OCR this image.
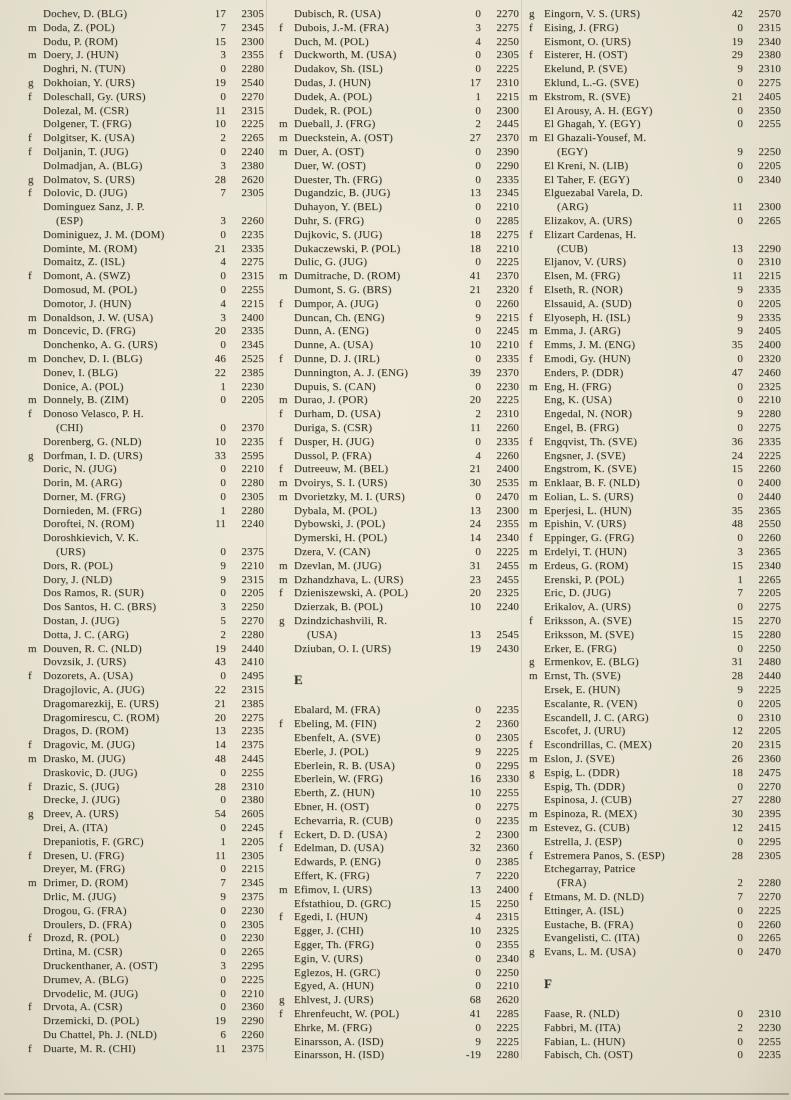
Dochev, D. (BLG)	17	2305
m Doda, Z. (POL)	7	2345
Dodu, P. (ROM)	15	2300
m Doery, J. (HUN)	3	2355
Doghri, N. (TUN)	0	2280
g Dokhoian, Y. (URS)	19	2540
f	Doleschall, Gy. (URS)	0	2270
Dolezal, M. (CSR)	11	2315
Dolgener, T. (FRG)	10	2225
f	Dolgitser, K. (USA)	2	2265
f	Doljanin, T. (JUG)	0	2240
Dolmadjan, A. (BLG)	3	2380
g Dolmatov, S. (URS)	28	2620
f	Dolovic, D. (JUG)	7	2305
Dominguez Sanz, J. P.
(ESP)	3	2260
Dominiguez, J. M. (DOM)	0	2235
Dominte, M. (ROM)	21	2335
Domaitz, Z. (ISL)	4	2275
f	Domont, A. (SWZ)	0	2315
Domosud, M. (POL)	0	2255
Domotor, J. (HUN)	4	2215
m Donaldson, J. W. (USA)	3	2400
m Doncevic, D. (FRG)	20	2335
Donchenko, A. G. (URS)	0	2345
m Donchev, D. I. (BLG)	46	2525
Donev, I. (BLG)	22	2385
Donice, A. (POL)	1	2230
m Donnely, B. (ZIM)	0	2205
f	Donoso Velasco, P. H.
(CHI)	0	2370
Dorenberg, G. (NLD)	10	2235
g Dorfman, I. D. (URS)	33	2595
Doric, N. (JUG)	0	2210
Dorin, M. (ARG)	0	2280
Dorner, M. (FRG)	0	2305
Dornieden, M. (FRG)	1	2280
Doroftei, N. (ROM)	11	2240
Doroshkievich, V. K.
(URS)	0	2375
Dors, R. (POL)	9	2210
Dory, J. (NLD)	9	2315
Dos Ramos, R. (SUR)	0	2205
Dos Santos, H. C. (BRS)	3	2250
Dostan, J. (JUG)	5	2270
Dotta, J. C. (ARG)	2	2280
m Douven, R. C. (NLD)	19	2440
Dovzsik, J. (URS)	43	2410
f	Dozorets, A. (USA)	0	2495
Dragojlovic, A. (JUG)	22	2315
Dragomarezkij, E. (URS)	21	2385
Dragomirescu, C. (ROM)	20	2275
Dragos, D. (ROM)	13	2235
f	Dragovic, M. (JUG)	14	2375
m Drasko, M. (JUG)	48	2445
Draskovic, D. (JUG)	0	2255
f	Drazic, S. (JUG)	28	2310
Drecke, J. (JUG)	0	2380
g Dreev, A. (URS)	54	2605
Drei, A. (ITA)	0	2245
Drepaniotis, F. (GRC)	1	2205
f	Dresen, U. (FRG)	11	2305
Dreyer, M. (FRG)	0	2215
m Drimer, D. (ROM)	7	2345
Drlic, M. (JUG)	9	2375
Drogou, G. (FRA)	0	2230
Droulers, D. (FRA)	0	2305
f	Drozd, R. (POL)	0	2230
Drtina, M. (CSR)	0	2265
Druckenthaner, A. (OST)	3	2295
Drumev, A. (BLG)	0	2225
Drvodelic, M. (JUG)	0	2210
f	Drvota, A. (CSR)	0	2360
Drzemicki, D. (POL)	19	2290
Du Chattel, Ph. J. (NLD)	6	2260
f	Duarte, M. R. (CHI)	11	2375
Dubisch, R. (USA)	0	2270
f	Dubois, J.-M. (FRA)	3	2275
Duch, M. (POL)	4	2250
f	Duckworth, M. (USA)	0	2305
Dudakov, Sh. (ISL)	0	2225
Dudas, J. (HUN)	17	2310
Dudek, A. (POL)	1	2215
Dudek, R. (POL)	0	2300
m Dueball, J. (FRG)	2	2445
m Dueckstein, A. (OST)	27	2370
m Duer, A. (OST)	0	2390
Duer, W. (OST)	0	2290
Duester, Th. (FRG)	0	2335
Dugandzic, B. (JUG)	13	2345
Duhayon, Y. (BEL)	0	2210
Duhr, S. (FRG)	0	2285
Dujkovic, S. (JUG)	18	2275
Dukaczewski, P. (POL)	18	2210
Dulic, G. (JUG)	0	2225
m Dumitrache, D. (ROM)	41	2370
Dumont, S. G. (BRS)	21	2320
f	Dumpor, A. (JUG)	0	2260
Duncan, Ch. (ENG)	9	2215
Dunn, A. (ENG)	0	2245
Dunne, A. (USA)	10	2210
f	Dunne, D. J. (IRL)	0	2335
Dunnington, A. J. (ENG)	39	2370
Dupuis, S. (CAN)	0	2230
m Durao, J. (POR)	20	2225
f	Durham, D. (USA)	2	2310
Duriga, S. (CSR)	11	2260
f	Dusper, H. (JUG)	0	2335
Dussol, P. (FRA)	4	2260
f	Dutreeuw, M. (BEL)	21	2400
m Dvoirys, S. I. (URS)	30	2535
m Dvorietzky, M. I. (URS)	0	2470
Dybala, M. (POL)	13	2300
Dybowski, J. (POL)	24	2355
Dymerski, H. (POL)	14	2340
Dzera, V. (CAN)	0	2225
m Dzevlan, M. (JUG)	31	2455
m Dzhandzhava, L. (URS)	23	2455
f	Dzieniszewski, A. (POL)	20	2325
Dzierzak, B. (POL)	10	2240
g Dzindzichashvili, R.
(USA)	13	2545
Dziuban, O. I. (URS)	19	2430
E
Ebalard, M. (FRA)	0	2235
f	Ebeling, M. (FIN)	2	2360
Ebenfelt, A. (SVE)	0	2305
Eberle, J. (POL)	9	2225
Eberlein, R. B. (USA)	0	2295
Eberlein, W. (FRG)	16	2330
Eberth, Z. (HUN)	10	2255
Ebner, H. (OST)	0	2275
Echevarria, R. (CUB)	0	2235
f	Eckert, D. D. (USA)	2	2300
f	Edelman, D. (USA)	32	2360
Edwards, P. (ENG)	0	2385
Effert, K. (FRG)	7	2220
m Efimov, I. (URS)	13	2400
Efstathiou, D. (GRC)	15	2250
f	Egedi, I. (HUN)	4	2315
Egger, J. (CHI)	10	2325
Egger, Th. (FRG)	0	2355
Egin, V. (URS)	0	2340
Eglezos, H. (GRC)	0	2250
Egyed, A. (HUN)	0	2210
g Ehlvest, J. (URS)	68	2620
f	Ehrenfeucht, W. (POL)	41	2285
Ehrke, M. (FRG)	0	2225
Einarsson, A. (ISD)	9	2225
Einarsson, H. (ISD)	-19	2280
g Eingorn, V. S. (URS)	42	2570
f	Eising, J. (FRG)	0	2315
Eismont, O. (URS)	19	2340
f	Eisterer, H. (OST)	29	2380
Ekelund, P. (SVE)	9	2310
Eklund, L.-G. (SVE)	0	2275
m Ekstrom, R. (SVE)	21	2405
El Arousy, A. H. (EGY)	0	2350
El Ghagah, Y. (EGY)	0	2255
m El Ghazali-Yousef, M.
(EGY)	9	2250
El Kreni, N. (LIB)	0	2205
El Taher, F. (EGY)	0	2340
Elguezabal Varela, D.
(ARG)	11	2300
Elizakov, A. (URS)	0	2265
f	Elizart Cardenas, H.
(CUB)	13	2290
Eljanov, V. (URS)	0	2310
Elsen, M. (FRG)	11	2215
f	Elseth, R. (NOR)	9	2335
Elssauid, A. (SUD)	0	2205
f	Elyoseph, H. (ISL)	9	2335
m Emma, J. (ARG)	9	2405
f	Emms, J. M. (ENG)	35	2400
f	Emodi, Gy. (HUN)	0	2320
Enders, P. (DDR)	47	2460
m Eng, H. (FRG)	0	2325
Eng, K. (USA)	0	2210
Engedal, N. (NOR)	9	2280
Engel, B. (FRG)	0	2275
f	Engqvist, Th. (SVE)	36	2335
Engsner, J. (SVE)	24	2225
Engstrom, K. (SVE)	15	2260
m Enklaar, B. F. (NLD)	0	2400
m Eolian, L. S. (URS)	0	2440
m Eperjesi, L. (HUN)	35	2365
m Epishin, V. (URS)	48	2550
f	Eppinger, G. (FRG)	0	2260
m Erdelyi, T. (HUN)	3	2365
m Erdeus, G. (ROM)	15	2340
Erenski, P. (POL)	1	2265
Eric, D. (JUG)	7	2205
Erikalov, A. (URS)	0	2275
f	Eriksson, A. (SVE)	15	2270
Eriksson, M. (SVE)	15	2280
Erker, E. (FRG)	0	2250
g Ermenkov, E. (BLG)	31	2480
m Ernst, Th. (SVE)	28	2440
Ersek, E. (HUN)	9	2225
Escalante, R. (VEN)	0	2205
Escandell, J. C. (ARG)	0	2310
Escofet, J. (URU)	12	2205
f	Escondrillas, C. (MEX)	20	2315
m Eslon, J. (SVE)	26	2360
g Espig, L. (DDR)	18	2475
Espig, Th. (DDR)	0	2270
Espinosa, J. (CUB)	27	2280
m Espinoza, R. (MEX)	30	2395
m Estevez, G. (CUB)	12	2415
Estrella, J. (ESP)	0	2295
f	Estremera Panos, S. (ESP)	28	2305
Etchegarray, Patrice
(FRA)	2	2280
f	Etmans, M. D. (NLD)	7	2270
Ettinger, A. (ISL)	0	2225
Eustache, B. (FRA)	0	2260
Evangelisti, C. (ITA)	0	2265
g Evans, L. M. (USA)	0	2470
F
Faase, R. (NLD)	0	2310
Fabbri, M. (ITA)	2	2230
Fabian, L. (HUN)	0	2255
Fabisch, Ch. (OST)	0	2235
